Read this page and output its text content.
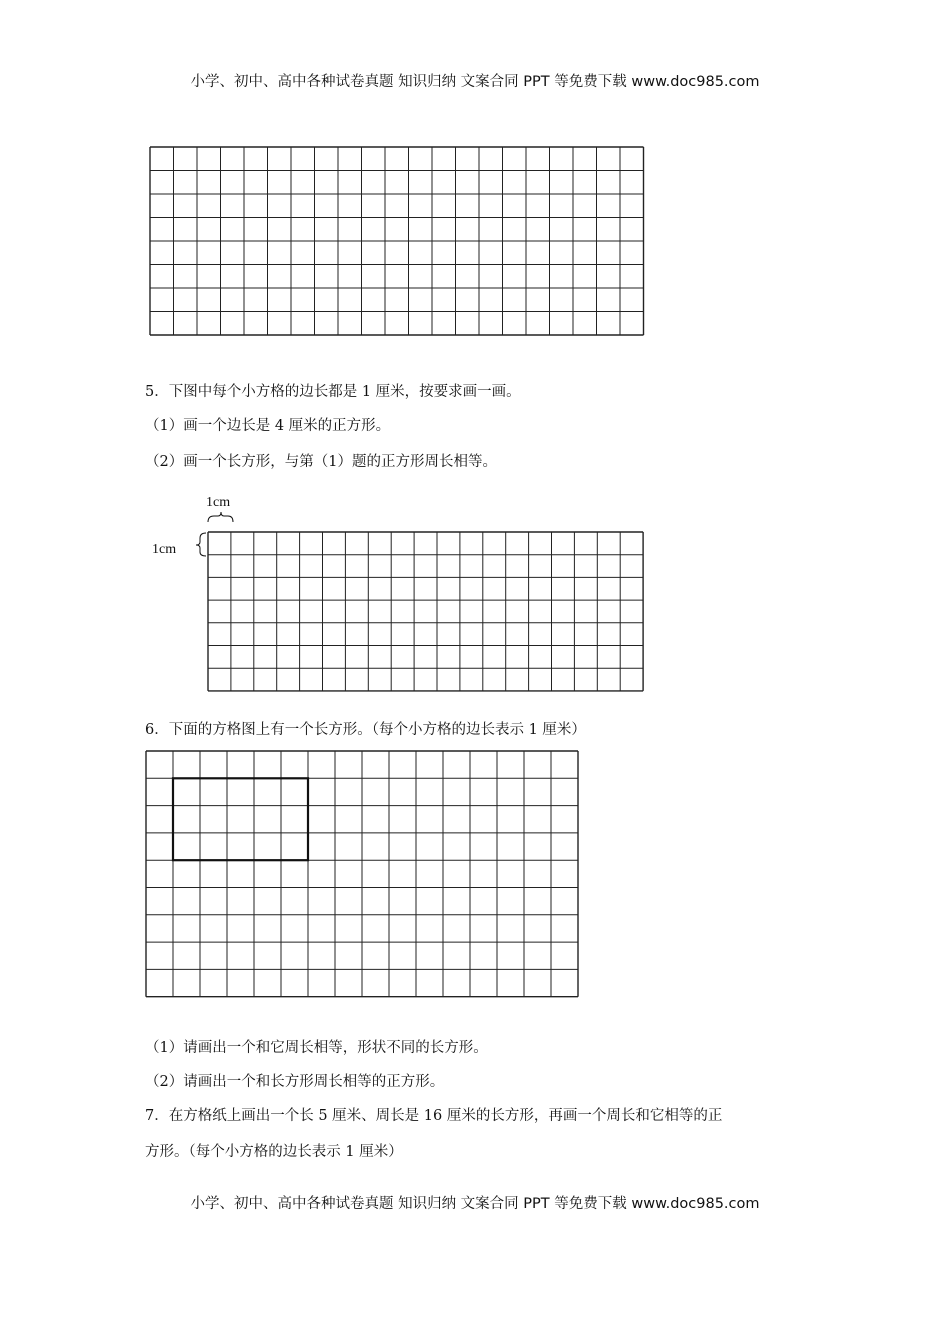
小学、初中、高中各种试卷真题 知识归纳 文案合同 PPT 等免费下载 www.doc985.com
5．下图中每个小方格的边长都是 1 厘米，按要求画一画。
（1）画一个边长是 4 厘米的正方形。
（2）画一个长方形，与第（1）题的正方形周长相等。
1cm
1cm
6．下面的方格图上有一个长方形。（每个小方格的边长表示 1 厘米）
（1）请画出一个和它周长相等，形状不同的长方形。
（2）请画出一个和长方形周长相等的正方形。
7．在方格纸上画出一个长 5 厘米、周长是 16 厘米的长方形，再画一个周长和它相等的正
方形。（每个小方格的边长表示 1 厘米）
小学、初中、高中各种试卷真题 知识归纳 文案合同 PPT 等免费下载 www.doc985.com
